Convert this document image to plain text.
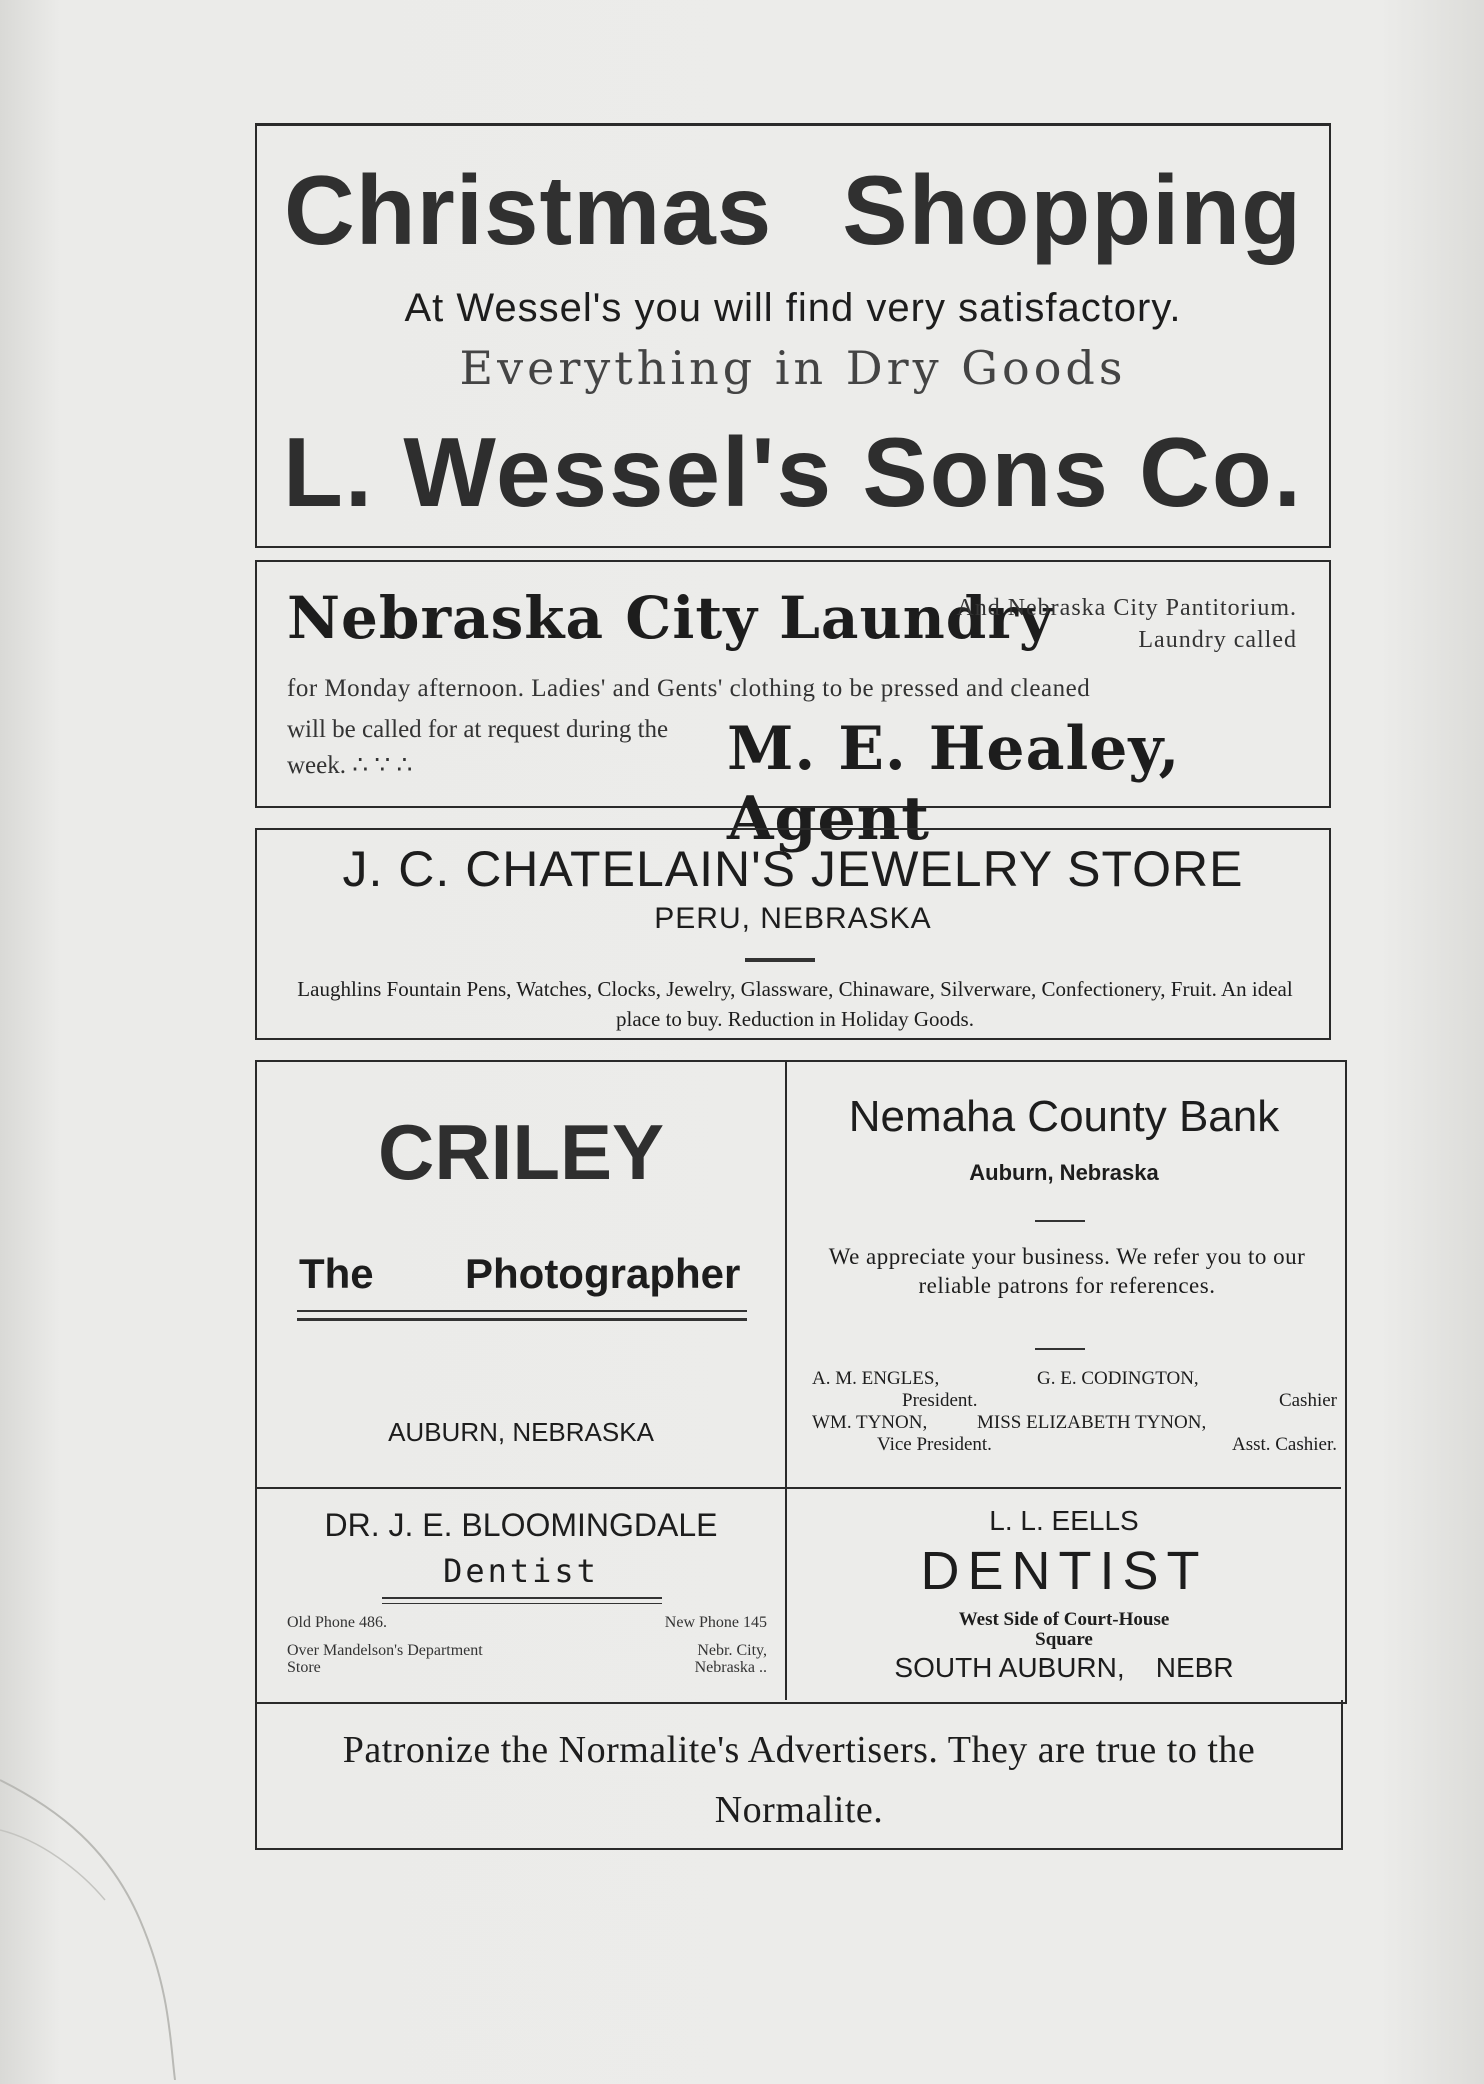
Christmas Shopping
At Wessel's you will find very satisfactory.
Everything in Dry Goods
L. Wessel's Sons Co.
Nebraska City Laundry
And Nebraska City Pantitorium. Laundry called
for Monday afternoon. Ladies' and Gents' clothing to be pressed and cleaned
will be called for at request during the week. ∴ ∵ ∴	M. E. Healey, Agent
J. C. CHATELAIN'S JEWELRY STORE
PERU, NEBRASKA
Laughlins Fountain Pens, Watches, Clocks, Jewelry, Glassware, Chinaware, Silverware, Confectionery, Fruit. An ideal place to buy. Reduction in Holiday Goods.
CRILEY
The Photographer
AUBURN, NEBRASKA
Nemaha County Bank
Auburn, Nebraska
We appreciate your business. We refer you to our reliable patrons for references.
A. M. ENGLES,	G. E. CODINGTON,
President.	Cashier
WM. TYNON,	MISS ELIZABETH TYNON,
Vice President.	Asst. Cashier.
DR. J. E. BLOOMINGDALE
Dentist
Old Phone 486.	New Phone 145
Over Mandelson's Department Store
Nebr. City, Nebraska ..
L. L. EELLS
DENTIST
West Side of Court-House Square
SOUTH AUBURN, NEBR
Patronize the Normalite's Advertisers. They are true to the Normalite.
